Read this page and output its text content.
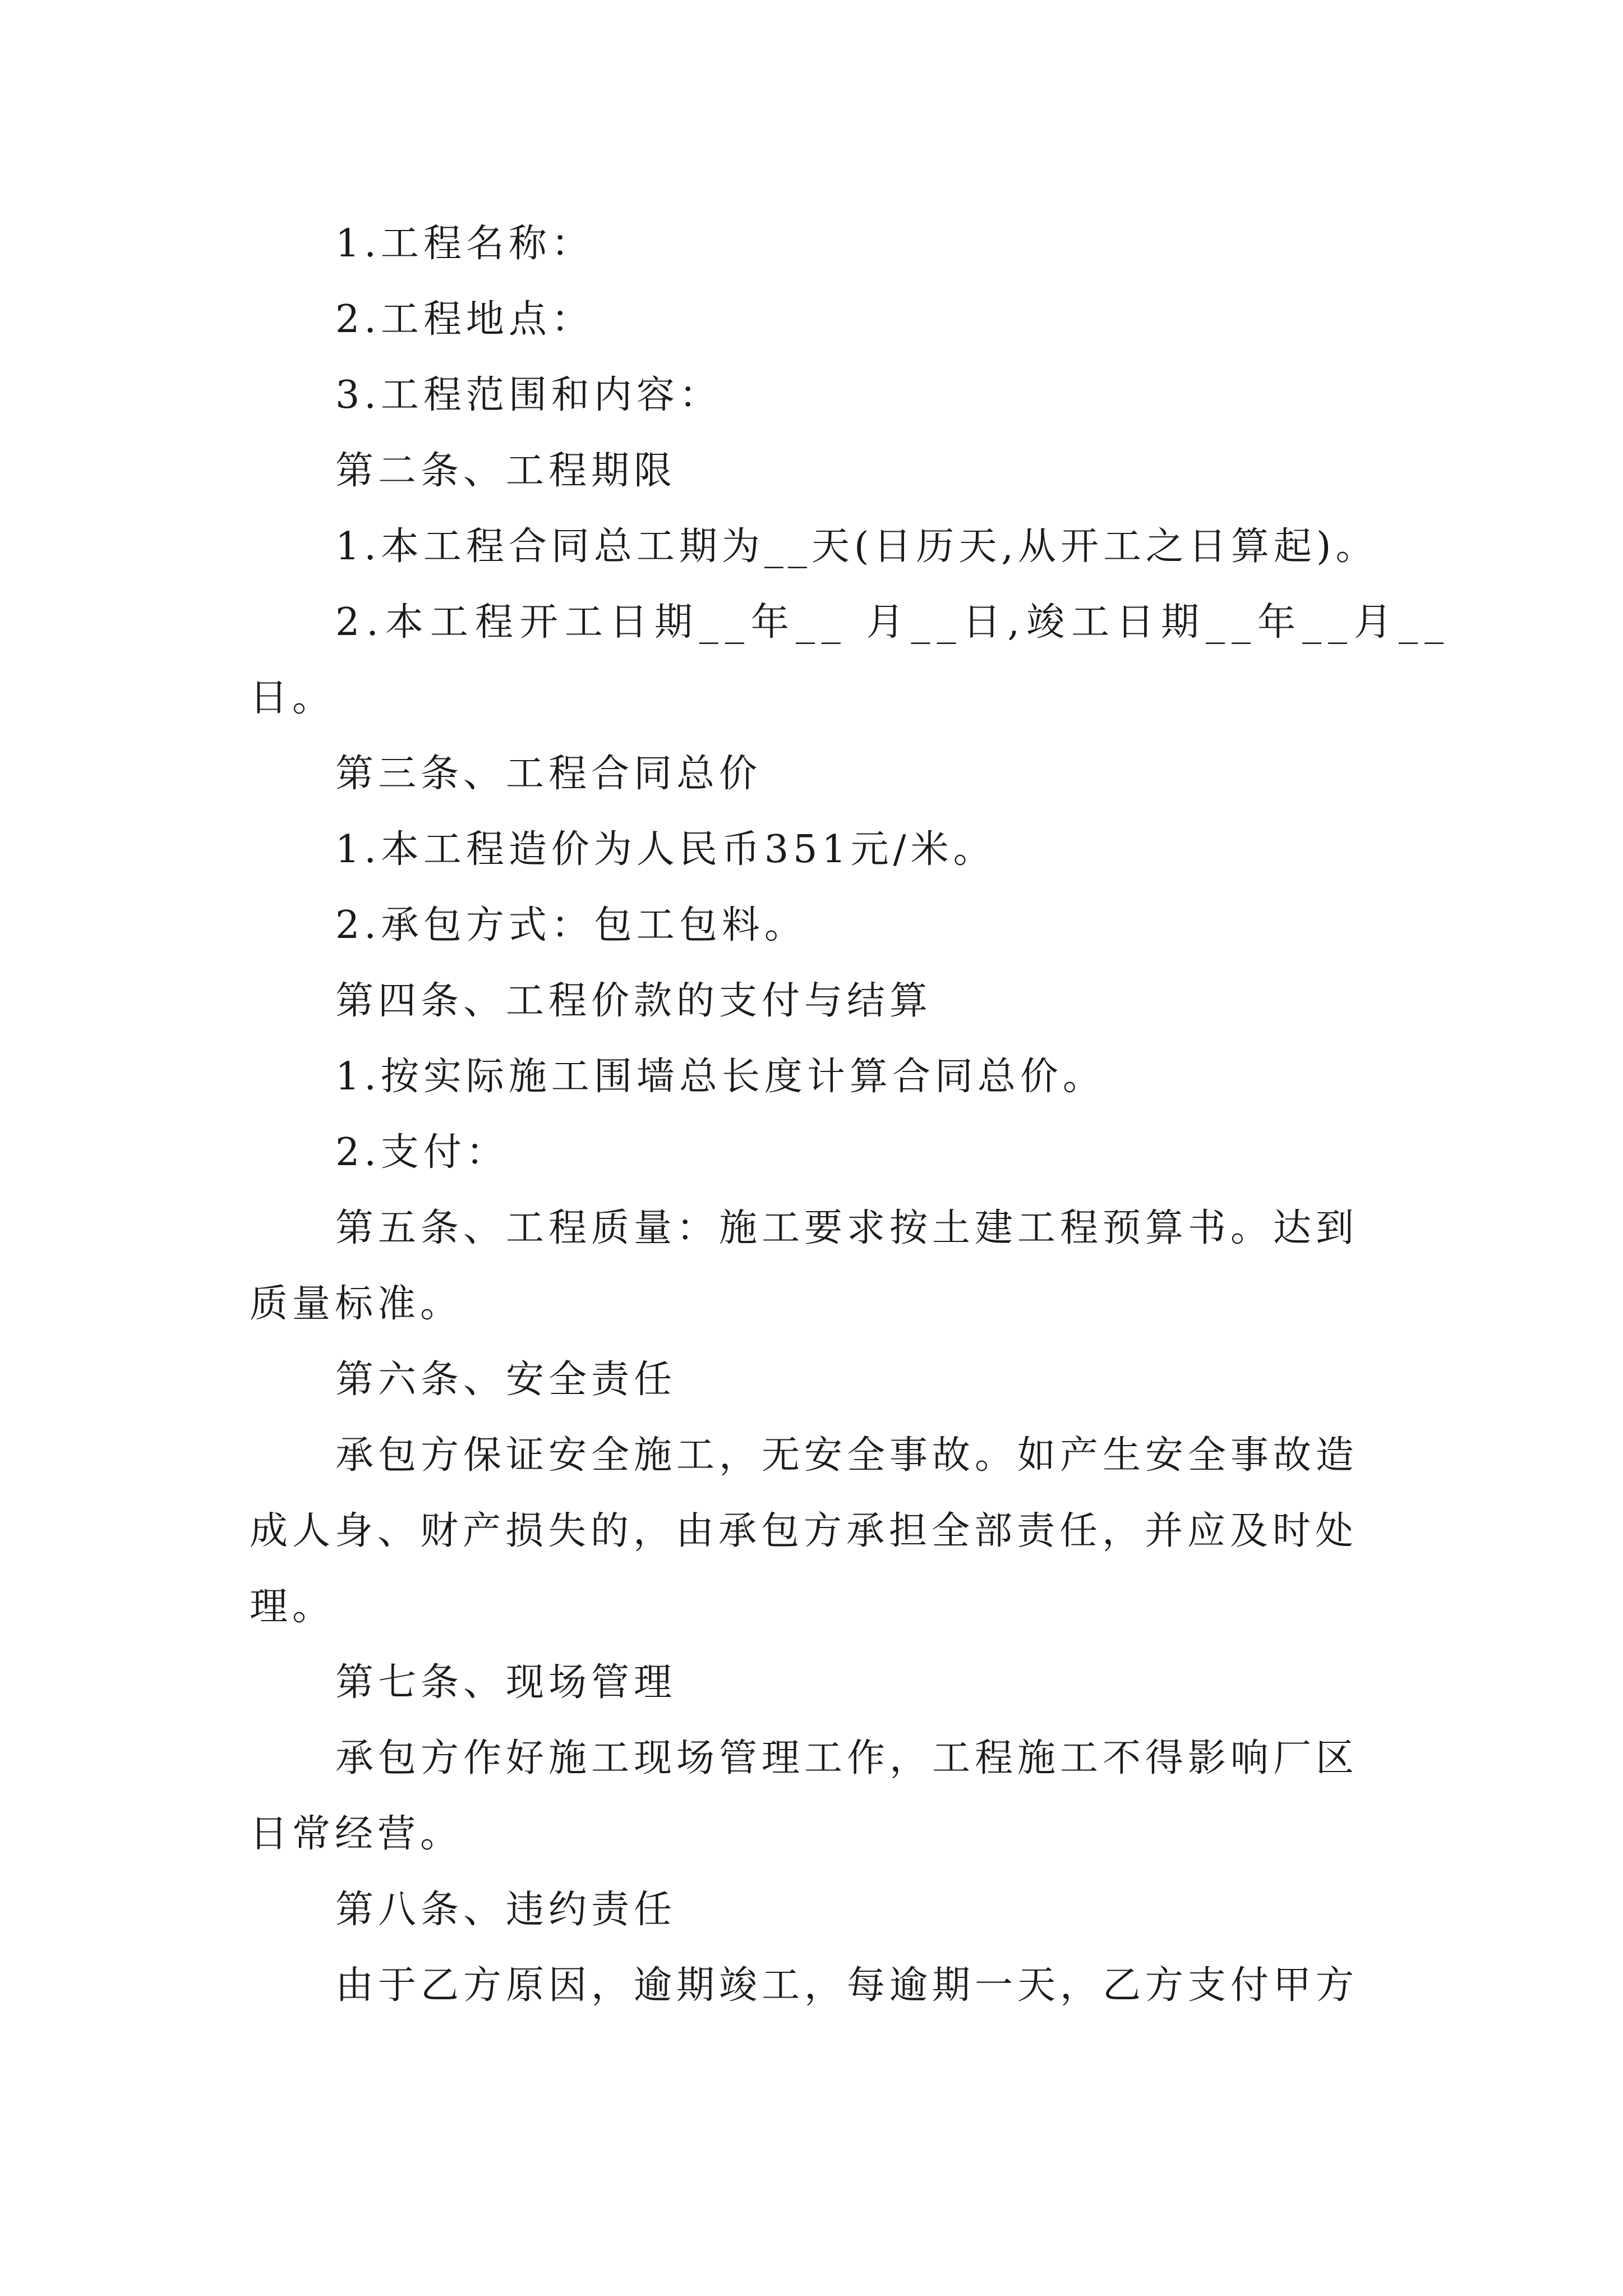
1.工程名称：
2.工程地点：
3.工程范围和内容：
第二条、工程期限
1.本工程合同总工期为__天(日历天,从开工之日算起)。
2.本工程开工日期__年__ 月__日,竣工日期__年__月__
日。
第三条、工程合同总价
1.本工程造价为人民币351元/米。
2.承包方式：包工包料。
第四条、工程价款的支付与结算
1.按实际施工围墙总长度计算合同总价。
2.支付：
第五条、工程质量：施工要求按土建工程预算书。达到
质量标准。
第六条、安全责任
承包方保证安全施工，无安全事故。如产生安全事故造
成人身、财产损失的，由承包方承担全部责任，并应及时处
理。
第七条、现场管理
承包方作好施工现场管理工作，工程施工不得影响厂区
日常经营。
第八条、违约责任
由于乙方原因，逾期竣工，每逾期一天，乙方支付甲方
